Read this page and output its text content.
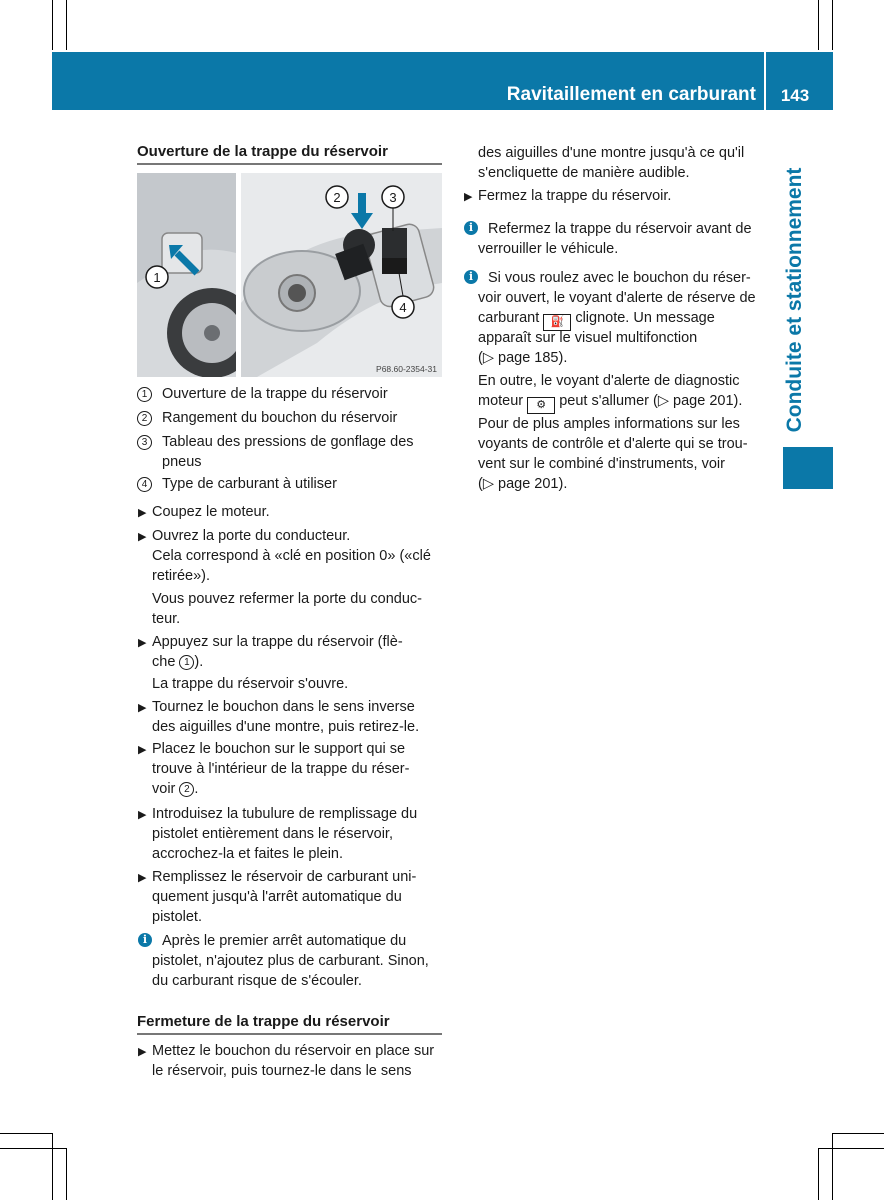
Ravitaillement en carburant	143
Conduite et stationnement
Ouverture de la trappe du réservoir
1
2	3
4
P68.60-2354-31
1	Ouverture de la trappe du réservoir
2	Rangement du bouchon du réservoir
3	Tableau des pressions de gonflage des
pneus
4	Type de carburant à utiliser
▶ Coupez le moteur.
▶ Ouvrez la porte du conducteur.
Cela correspond à «clé en position 0» («clé
retirée»).
Vous pouvez refermer la porte du conduc-
teur.
▶ Appuyez sur la trappe du réservoir (flè-
che 1 ).
La trappe du réservoir s'ouvre.
▶ Tournez le bouchon dans le sens inverse
des aiguilles d'une montre, puis retirez-le.
▶ Placez le bouchon sur le support qui se
trouve à l'intérieur de la trappe du réser-
voir 2 .
▶ Introduisez la tubulure de remplissage du
pistolet entièrement dans le réservoir,
accrochez-la et faites le plein.
▶ Remplissez le réservoir de carburant uni-
quement jusqu'à l'arrêt automatique du
pistolet.
i	Après le premier arrêt automatique du
pistolet, n'ajoutez plus de carburant. Sinon,
du carburant risque de s'écouler.
Fermeture de la trappe du réservoir
▶ Mettez le bouchon du réservoir en place sur
le réservoir, puis tournez-le dans le sens
des aiguilles d'une montre jusqu'à ce qu'il
s'encliquette de manière audible.
▶ Fermez la trappe du réservoir.
i	Refermez la trappe du réservoir avant de
verrouiller le véhicule.
i	Si vous roulez avec le bouchon du réser-
voir ouvert, le voyant d'alerte de réserve de
carburant ⛽ clignote. Un message
apparaît sur le visuel multifonction
(▷ page 185).
En outre, le voyant d'alerte de diagnostic
moteur ⚙ peut s'allumer (▷ page 201).
Pour de plus amples informations sur les
voyants de contrôle et d'alerte qui se trou-
vent sur le combiné d'instruments, voir
(▷ page 201).
